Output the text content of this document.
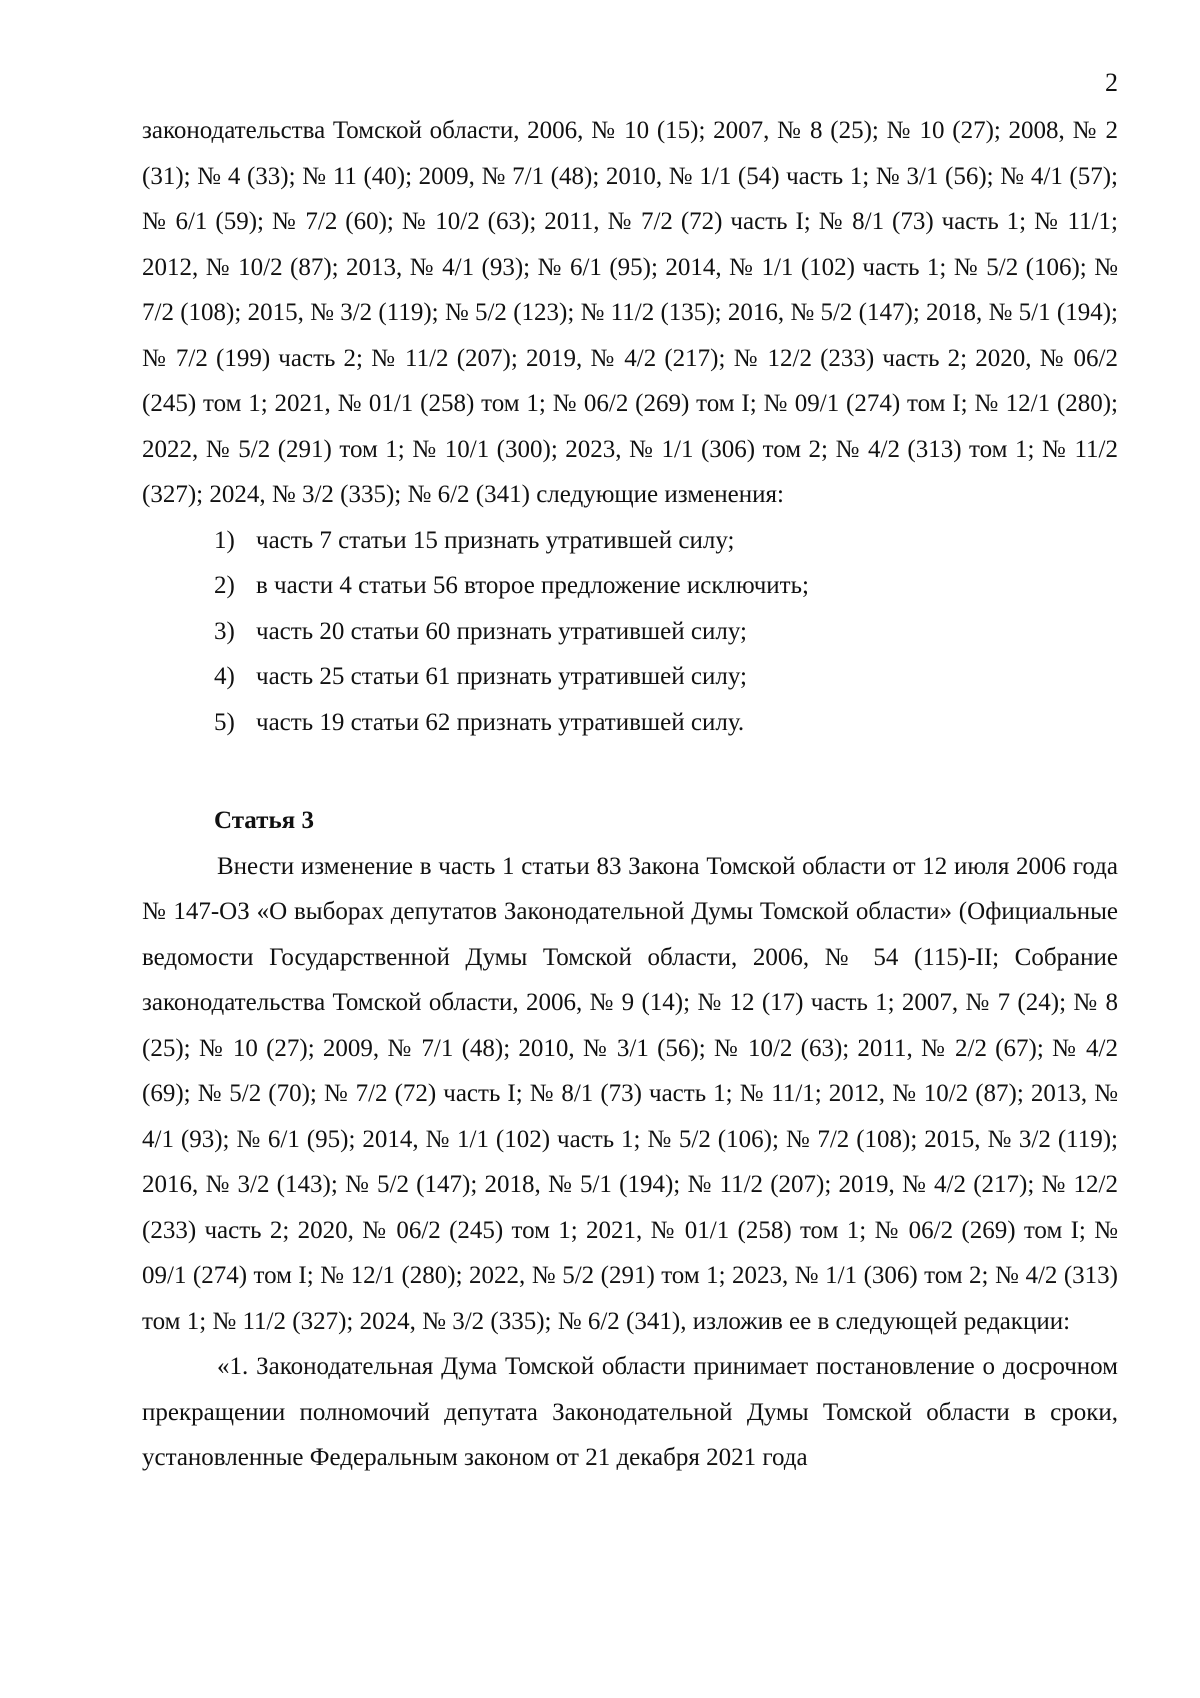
2

законодательства Томской области, 2006, № 10 (15); 2007, № 8 (25); № 10 (27); 2008, № 2 (31); № 4 (33); № 11 (40); 2009, № 7/1 (48); 2010, № 1/1 (54) часть 1; № 3/1 (56); № 4/1 (57); № 6/1 (59); № 7/2 (60); № 10/2 (63); 2011, № 7/2 (72) часть I; № 8/1 (73) часть 1; № 11/1; 2012, № 10/2 (87); 2013, № 4/1 (93); № 6/1 (95); 2014, № 1/1 (102) часть 1; № 5/2 (106); № 7/2 (108); 2015, № 3/2 (119); № 5/2 (123); № 11/2 (135); 2016, № 5/2 (147); 2018, № 5/1 (194); № 7/2 (199) часть 2; № 11/2 (207); 2019, № 4/2 (217); № 12/2 (233) часть 2; 2020, № 06/2 (245) том 1; 2021, № 01/1 (258) том 1; № 06/2 (269) том I; № 09/1 (274) том I; № 12/1 (280); 2022, № 5/2 (291) том 1; № 10/1 (300); 2023, № 1/1 (306) том 2; № 4/2 (313) том 1; № 11/2 (327); 2024, № 3/2 (335); № 6/2 (341) следующие изменения:

1) часть 7 статьи 15 признать утратившей силу;
2) в части 4 статьи 56 второе предложение исключить;
3) часть 20 статьи 60 признать утратившей силу;
4) часть 25 статьи 61 признать утратившей силу;
5) часть 19 статьи 62 признать утратившей силу.
Статья 3

Внести изменение в часть 1 статьи 83 Закона Томской области от 12 июля 2006 года № 147-ОЗ «О выборах депутатов Законодательной Думы Томской области» (Официальные ведомости Государственной Думы Томской области, 2006, № 54 (115)-II; Собрание законодательства Томской области, 2006, № 9 (14); № 12 (17) часть 1; 2007, № 7 (24); № 8 (25); № 10 (27); 2009, № 7/1 (48); 2010, № 3/1 (56); № 10/2 (63); 2011, № 2/2 (67); № 4/2 (69); № 5/2 (70); № 7/2 (72) часть I; № 8/1 (73) часть 1; № 11/1; 2012, № 10/2 (87); 2013, № 4/1 (93); № 6/1 (95); 2014, № 1/1 (102) часть 1; № 5/2 (106); № 7/2 (108); 2015, № 3/2 (119); 2016, № 3/2 (143); № 5/2 (147); 2018, № 5/1 (194); № 11/2 (207); 2019, № 4/2 (217); № 12/2 (233) часть 2; 2020, № 06/2 (245) том 1; 2021, № 01/1 (258) том 1; № 06/2 (269) том I; № 09/1 (274) том I; № 12/1 (280); 2022, № 5/2 (291) том 1; 2023, № 1/1 (306) том 2; № 4/2 (313) том 1; № 11/2 (327); 2024, № 3/2 (335); № 6/2 (341), изложив ее в следующей редакции:

«1. Законодательная Дума Томской области принимает постановление о досрочном прекращении полномочий депутата Законодательной Думы Томской области в сроки, установленные Федеральным законом от 21 декабря 2021 года
